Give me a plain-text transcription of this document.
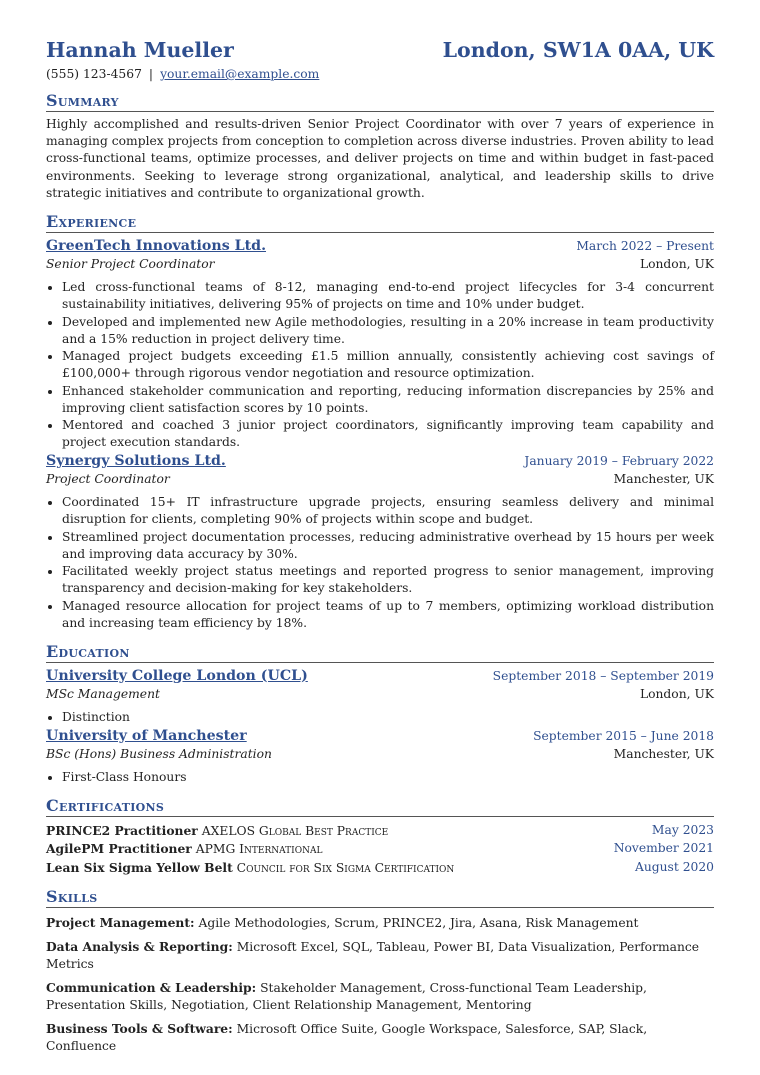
Hannah Mueller	London, SW1A 0AA, UK
(555) 123-4567 | your.email@example.com
Summary
Highly accomplished and results-driven Senior Project Coordinator with over 7 years of experience in managing complex projects from conception to completion across diverse industries. Proven ability to lead cross-functional teams, optimize processes, and deliver projects on time and within budget in fast-paced environments. Seeking to leverage strong organizational, analytical, and leadership skills to drive strategic initiatives and contribute to organizational growth.
Experience
GreenTech Innovations Ltd.	March 2022 – Present
Senior Project Coordinator	London, UK
• Led cross-functional teams of 8-12, managing end-to-end project lifecycles for 3-4 concurrent sustainability initiatives, delivering 95% of projects on time and 10% under budget.
• Developed and implemented new Agile methodologies, resulting in a 20% increase in team productivity and a 15% reduction in project delivery time.
• Managed project budgets exceeding £1.5 million annually, consistently achieving cost savings of £100,000+ through rigorous vendor negotiation and resource optimization.
• Enhanced stakeholder communication and reporting, reducing information discrepancies by 25% and improving client satisfaction scores by 10 points.
• Mentored and coached 3 junior project coordinators, significantly improving team capability and project execution standards.
Synergy Solutions Ltd.	January 2019 – February 2022
Project Coordinator	Manchester, UK
• Coordinated 15+ IT infrastructure upgrade projects, ensuring seamless delivery and minimal disruption for clients, completing 90% of projects within scope and budget.
• Streamlined project documentation processes, reducing administrative overhead by 15 hours per week and improving data accuracy by 30%.
• Facilitated weekly project status meetings and reported progress to senior management, improving transparency and decision-making for key stakeholders.
• Managed resource allocation for project teams of up to 7 members, optimizing workload distribution and increasing team efficiency by 18%.
Education
University College London (UCL)	September 2018 – September 2019
MSc Management	London, UK
• Distinction
University of Manchester	September 2015 – June 2018
BSc (Hons) Business Administration	Manchester, UK
• First-Class Honours
Certifications
PRINCE2 Practitioner AXELOS Global Best Practice	May 2023
AgilePM Practitioner APMG International	November 2021
Lean Six Sigma Yellow Belt Council for Six Sigma Certification	August 2020
Skills
Project Management: Agile Methodologies, Scrum, PRINCE2, Jira, Asana, Risk Management
Data Analysis & Reporting: Microsoft Excel, SQL, Tableau, Power BI, Data Visualization, Performance Metrics
Communication & Leadership: Stakeholder Management, Cross-functional Team Leadership, Presentation Skills, Negotiation, Client Relationship Management, Mentoring
Business Tools & Software: Microsoft Office Suite, Google Workspace, Salesforce, SAP, Slack, Confluence
